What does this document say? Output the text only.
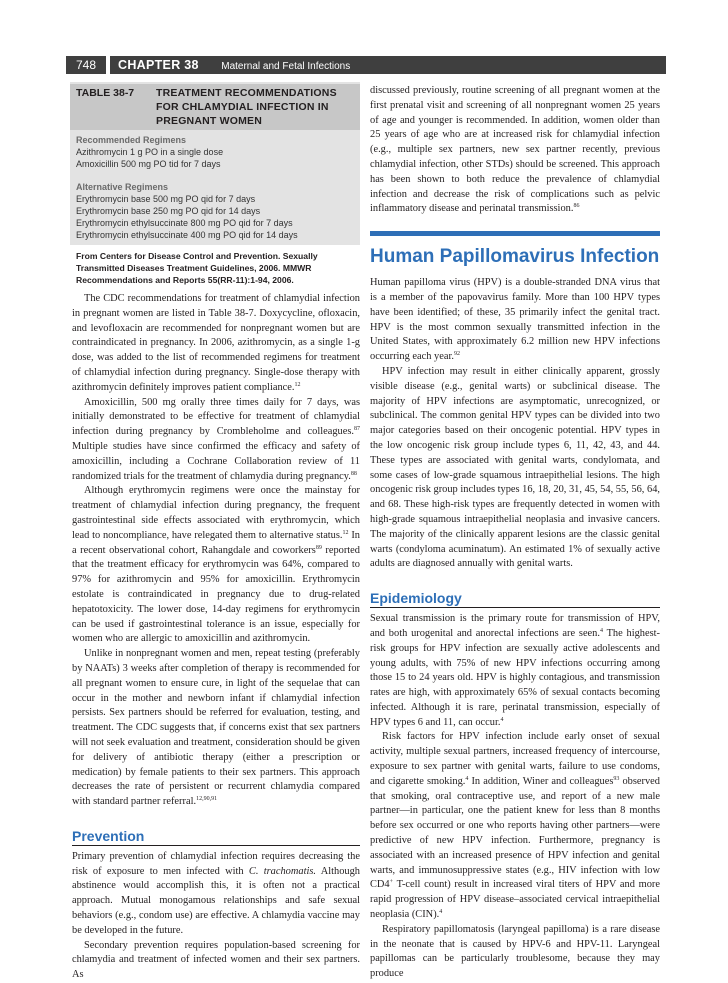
748	CHAPTER 38 Maternal and Fetal Infections
TABLE 38-7 TREATMENT RECOMMENDATIONS FOR CHLAMYDIAL INFECTION IN PREGNANT WOMEN
Recommended Regimens
Azithromycin 1 g PO in a single dose
Amoxicillin 500 mg PO tid for 7 days
Alternative Regimens
Erythromycin base 500 mg PO qid for 7 days
Erythromycin base 250 mg PO qid for 14 days
Erythromycin ethylsuccinate 800 mg PO qid for 7 days
Erythromycin ethylsuccinate 400 mg PO qid for 14 days
From Centers for Disease Control and Prevention. Sexually Transmitted Diseases Treatment Guidelines, 2006. MMWR Recommendations and Reports 55(RR-11):1-94, 2006.

The CDC recommendations for treatment of chlamydial infection in pregnant women are listed in Table 38-7. Doxycycline, ofloxacin, and levofloxacin are recommended for nonpregnant women but are contraindicated in pregnancy. In 2006, azithromycin, as a single 1-g dose, was added to the list of recommended regimens for treatment of chlamydial infection during pregnancy. Single-dose therapy with azithromycin definitely improves patient compliance.$^{12}$

Amoxicillin, 500 mg orally three times daily for 7 days, was initially demonstrated to be effective for treatment of chlamydial infection during pregnancy by Crombleholme and colleagues.$^{87}$ Multiple studies have since confirmed the efficacy and safety of amoxicillin, including a Cochrane Collaboration review of 11 randomized trials for the treatment of chlamydia during pregnancy.$^{88}$

Although erythromycin regimens were once the mainstay for treatment of chlamydial infection during pregnancy, the frequent gastrointestinal side effects associated with erythromycin, which lead to noncompliance, have relegated them to alternative status.$^{12}$ In a recent observational cohort, Rahangdale and coworkers$^{89}$ reported that the treatment efficacy for erythromycin was 64%, compared to 97% for azithromycin and 95% for amoxicillin. Erythromycin estolate is contraindicated in pregnancy due to drug-related hepatotoxicity. The lower dose, 14-day regimens for erythromycin can be used if gastrointestinal tolerance is an issue, especially for women who are allergic to amoxicillin and azithromycin.

Unlike in nonpregnant women and men, repeat testing (preferably by NAATs) 3 weeks after completion of therapy is recommended for all pregnant women to ensure cure, in light of the sequelae that can occur in the mother and newborn infant if chlamydial infection persists. Sex partners should be referred for evaluation, testing, and treatment. The CDC suggests that, if concerns exist that sex partners will not seek evaluation and treatment, consideration should be given for delivery of antibiotic therapy (either a prescription or medication) by female patients to their sex partners. This approach decreases the rate of persistent or recurrent chlamydia compared with standard partner referral.$^{12,90,91}$

Prevention

Primary prevention of chlamydial infection requires decreasing the risk of exposure to men infected with C. trachomatis. Although abstinence would accomplish this, it is often not a practical approach. Mutual monogamous relationships and safe sexual behaviors (e.g., condom use) are effective. A chlamydia vaccine may be developed in the future.

Secondary prevention requires population-based screening for chlamydia and treatment of infected women and their sex partners. As

discussed previously, routine screening of all pregnant women at the first prenatal visit and screening of all nonpregnant women 25 years of age and younger is recommended. In addition, women older than 25 years of age who are at increased risk for chlamydial infection (e.g., multiple sex partners, new sex partner recently, previous chlamydial infection, other STDs) should be screened. This approach has been shown to both reduce the prevalence of chlamydial infection and decrease the risk of complications such as pelvic inflammatory disease and perinatal transmission.$^{86}$

Human Papillomavirus Infection

Human papilloma virus (HPV) is a double-stranded DNA virus that is a member of the papovavirus family. More than 100 HPV types have been identified; of these, 35 primarily infect the genital tract. HPV is the most common sexually transmitted infection in the United States, with approximately 6.2 million new HPV infections occurring each year.$^{92}$

HPV infection may result in either clinically apparent, grossly visible disease (e.g., genital warts) or subclinical disease. The majority of HPV infections are asymptomatic, unrecognized, or subclinical. The common genital HPV types can be divided into two major categories based on their oncogenic potential. HPV types in the low oncogenic risk group include types 6, 11, 42, 43, and 44. These types are associated with genital warts, condylomata, and some cases of low-grade squamous intraepithelial lesions. The high oncogenic risk group includes types 16, 18, 20, 31, 45, 54, 55, 56, 64, and 68. These high-risk types are frequently detected in women with high-grade squamous intraepithelial neoplasia and invasive cancers. The majority of the clinically apparent lesions are the classic genital warts (condyloma acuminatum). An estimated 1% of sexually active adults are diagnosed annually with genital warts.

Epidemiology

Sexual transmission is the primary route for transmission of HPV, and both urogenital and anorectal infections are seen.$^4$ The highest-risk groups for HPV infection are sexually active adolescents and young adults, with 75% of new HPV infections occurring among those 15 to 24 years old. HPV is highly contagious, and transmission rates are high, with approximately 65% of sexual contacts becoming infected. Although it is rare, perinatal transmission, especially of HPV types 6 and 11, can occur.$^4$

Risk factors for HPV infection include early onset of sexual activity, multiple sexual partners, increased frequency of intercourse, exposure to sex partner with genital warts, failure to use condoms, and cigarette smoking.$^4$ In addition, Winer and colleagues$^{93}$ observed that smoking, oral contraceptive use, and report of a new male partner—in particular, one the patient knew for less than 8 months before sex occurred or one who reports having other partners—were predictive of new HPV infection. Furthermore, pregnancy is associated with an increased presence of HPV infection and genital warts, and immunosuppressive states (e.g., HIV infection with low CD4+ T-cell count) result in increased viral titers of HPV and more rapid progression of HPV disease–associated cervical intraepithelial neoplasia (CIN).$^4$

Respiratory papillomatosis (laryngeal papilloma) is a rare disease in the neonate that is caused by HPV-6 and HPV-11. Laryngeal papillomas can be particularly troublesome, because they may produce
